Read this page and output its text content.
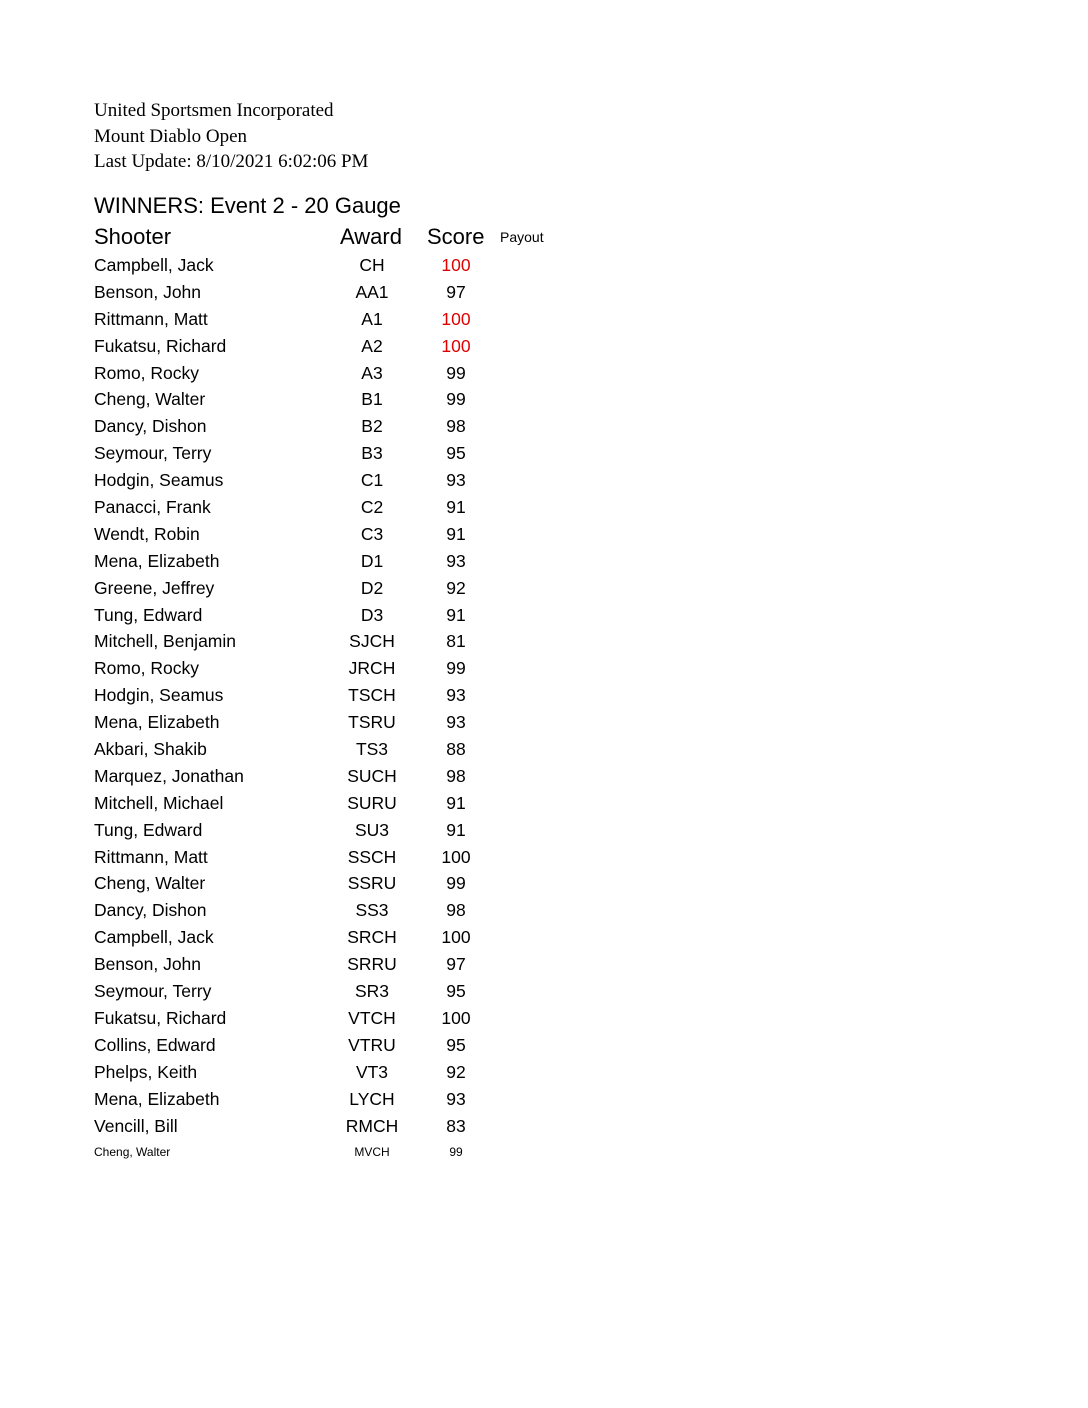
United Sportsmen Incorporated
Mount Diablo Open
Last Update: 8/10/2021 6:02:06 PM
WINNERS: Event 2 - 20 Gauge
Shooter	Award Score Payout
Campbell, Jack	CH	100
Benson, John	AA1	97
Rittmann, Matt	A1	100
Fukatsu, Richard	A2	100
Romo, Rocky	A3	99
Cheng, Walter	B1	99
Dancy, Dishon	B2	98
Seymour, Terry	B3	95
Hodgin, Seamus	C1	93
Panacci, Frank	C2	91
Wendt, Robin	C3	91
Mena, Elizabeth	D1	93
Greene, Jeffrey	D2	92
Tung, Edward	D3	91
Mitchell, Benjamin	SJCH	81
Romo, Rocky	JRCH	99
Hodgin, Seamus	TSCH	93
Mena, Elizabeth	TSRU	93
Akbari, Shakib	TS3	88
Marquez, Jonathan	SUCH	98
Mitchell, Michael	SURU	91
Tung, Edward	SU3	91
Rittmann, Matt	SSCH	100
Cheng, Walter	SSRU	99
Dancy, Dishon	SS3	98
Campbell, Jack	SRCH	100
Benson, John	SRRU	97
Seymour, Terry	SR3	95
Fukatsu, Richard	VTCH	100
Collins, Edward	VTRU	95
Phelps, Keith	VT3	92
Mena, Elizabeth	LYCH	93
Vencill, Bill	RMCH	83
Cheng, Walter	MVCH	99
